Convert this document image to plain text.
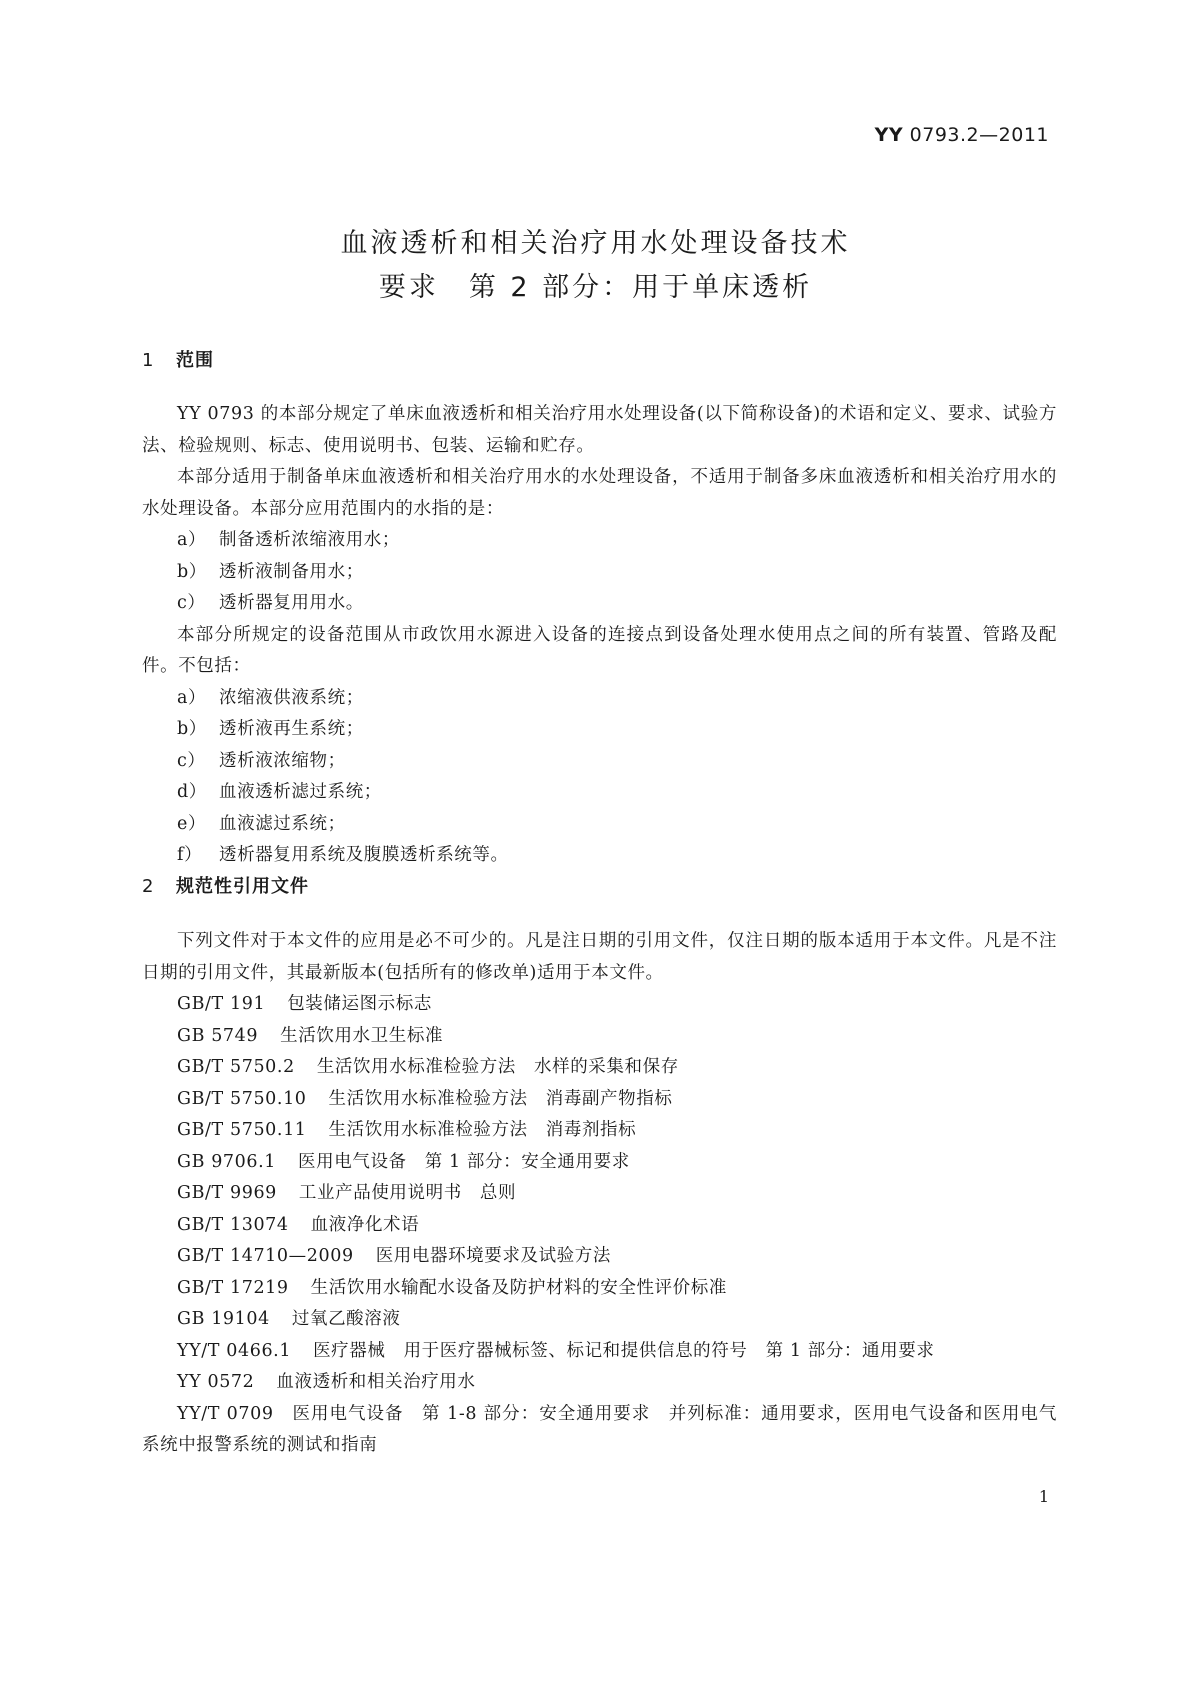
YY 0793.2—2011
血液透析和相关治疗用水处理设备技术
要求　第 2 部分：用于单床透析
1 范围

YY 0793 的本部分规定了单床血液透析和相关治疗用水处理设备(以下简称设备)的术语和定义、要求、试验方法、检验规则、标志、使用说明书、包装、运输和贮存。

本部分适用于制备单床血液透析和相关治疗用水的水处理设备，不适用于制备多床血液透析和相关治疗用水的水处理设备。本部分应用范围内的水指的是：

a） 制备透析浓缩液用水；
b） 透析液制备用水；
c） 透析器复用用水。

本部分所规定的设备范围从市政饮用水源进入设备的连接点到设备处理水使用点之间的所有装置、管路及配件。不包括：

a） 浓缩液供液系统；
b） 透析液再生系统；
c） 透析液浓缩物；
d） 血液透析滤过系统；
e） 血液滤过系统；
f） 透析器复用系统及腹膜透析系统等。
2 规范性引用文件

下列文件对于本文件的应用是必不可少的。凡是注日期的引用文件，仅注日期的版本适用于本文件。凡是不注日期的引用文件，其最新版本(包括所有的修改单)适用于本文件。

GB/T 191 包装储运图示标志
GB 5749 生活饮用水卫生标准
GB/T 5750.2 生活饮用水标准检验方法　水样的采集和保存
GB/T 5750.10 生活饮用水标准检验方法　消毒副产物指标
GB/T 5750.11 生活饮用水标准检验方法　消毒剂指标
GB 9706.1 医用电气设备　第 1 部分：安全通用要求
GB/T 9969 工业产品使用说明书　总则
GB/T 13074 血液净化术语
GB/T 14710—2009 医用电器环境要求及试验方法
GB/T 17219 生活饮用水输配水设备及防护材料的安全性评价标准
GB 19104 过氧乙酸溶液
YY/T 0466.1 医疗器械　用于医疗器械标签、标记和提供信息的符号　第 1 部分：通用要求
YY 0572 血液透析和相关治疗用水

YY/T 0709　医用电气设备　第 1-8 部分：安全通用要求　并列标准：通用要求，医用电气设备和医用电气系统中报警系统的测试和指南

1
